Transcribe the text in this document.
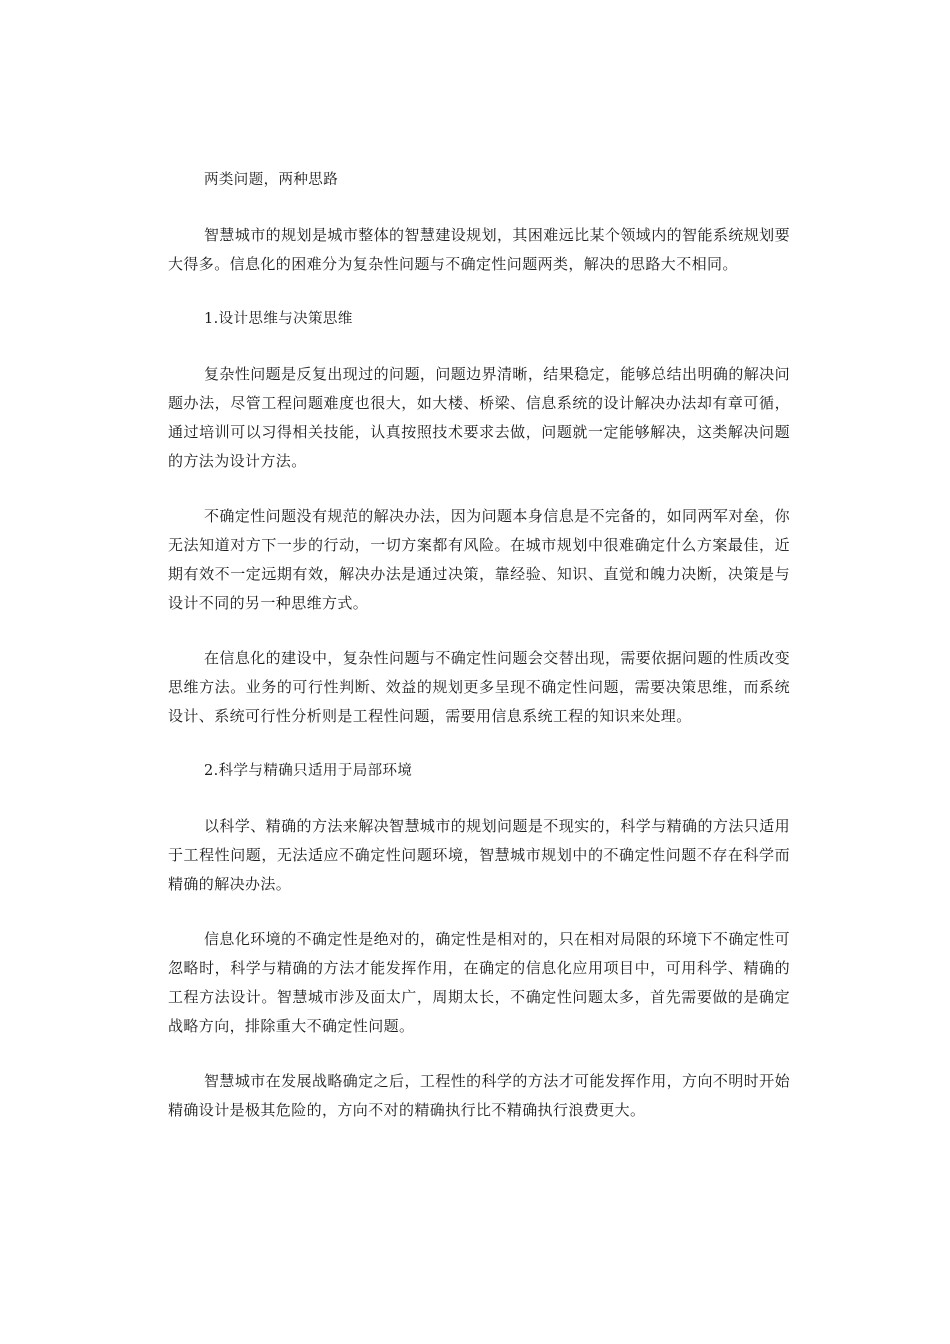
两类问题，两种思路

智慧城市的规划是城市整体的智慧建设规划，其困难远比某个领域内的智能系统规划要大得多。信息化的困难分为复杂性问题与不确定性问题两类，解决的思路大不相同。

1.设计思维与决策思维

复杂性问题是反复出现过的问题，问题边界清晰，结果稳定，能够总结出明确的解决问题办法，尽管工程问题难度也很大，如大楼、桥梁、信息系统的设计解决办法却有章可循，通过培训可以习得相关技能，认真按照技术要求去做，问题就一定能够解决，这类解决问题的方法为设计方法。

不确定性问题没有规范的解决办法，因为问题本身信息是不完备的，如同两军对垒，你无法知道对方下一步的行动，一切方案都有风险。在城市规划中很难确定什么方案最佳，近期有效不一定远期有效，解决办法是通过决策，靠经验、知识、直觉和魄力决断，决策是与设计不同的另一种思维方式。

在信息化的建设中，复杂性问题与不确定性问题会交替出现，需要依据问题的性质改变思维方法。业务的可行性判断、效益的规划更多呈现不确定性问题，需要决策思维，而系统设计、系统可行性分析则是工程性问题，需要用信息系统工程的知识来处理。

2.科学与精确只适用于局部环境

以科学、精确的方法来解决智慧城市的规划问题是不现实的，科学与精确的方法只适用于工程性问题，无法适应不确定性问题环境，智慧城市规划中的不确定性问题不存在科学而精确的解决办法。

信息化环境的不确定性是绝对的，确定性是相对的，只在相对局限的环境下不确定性可忽略时，科学与精确的方法才能发挥作用，在确定的信息化应用项目中，可用科学、精确的工程方法设计。智慧城市涉及面太广，周期太长，不确定性问题太多，首先需要做的是确定战略方向，排除重大不确定性问题。

智慧城市在发展战略确定之后，工程性的科学的方法才可能发挥作用，方向不明时开始精确设计是极其危险的，方向不对的精确执行比不精确执行浪费更大。
